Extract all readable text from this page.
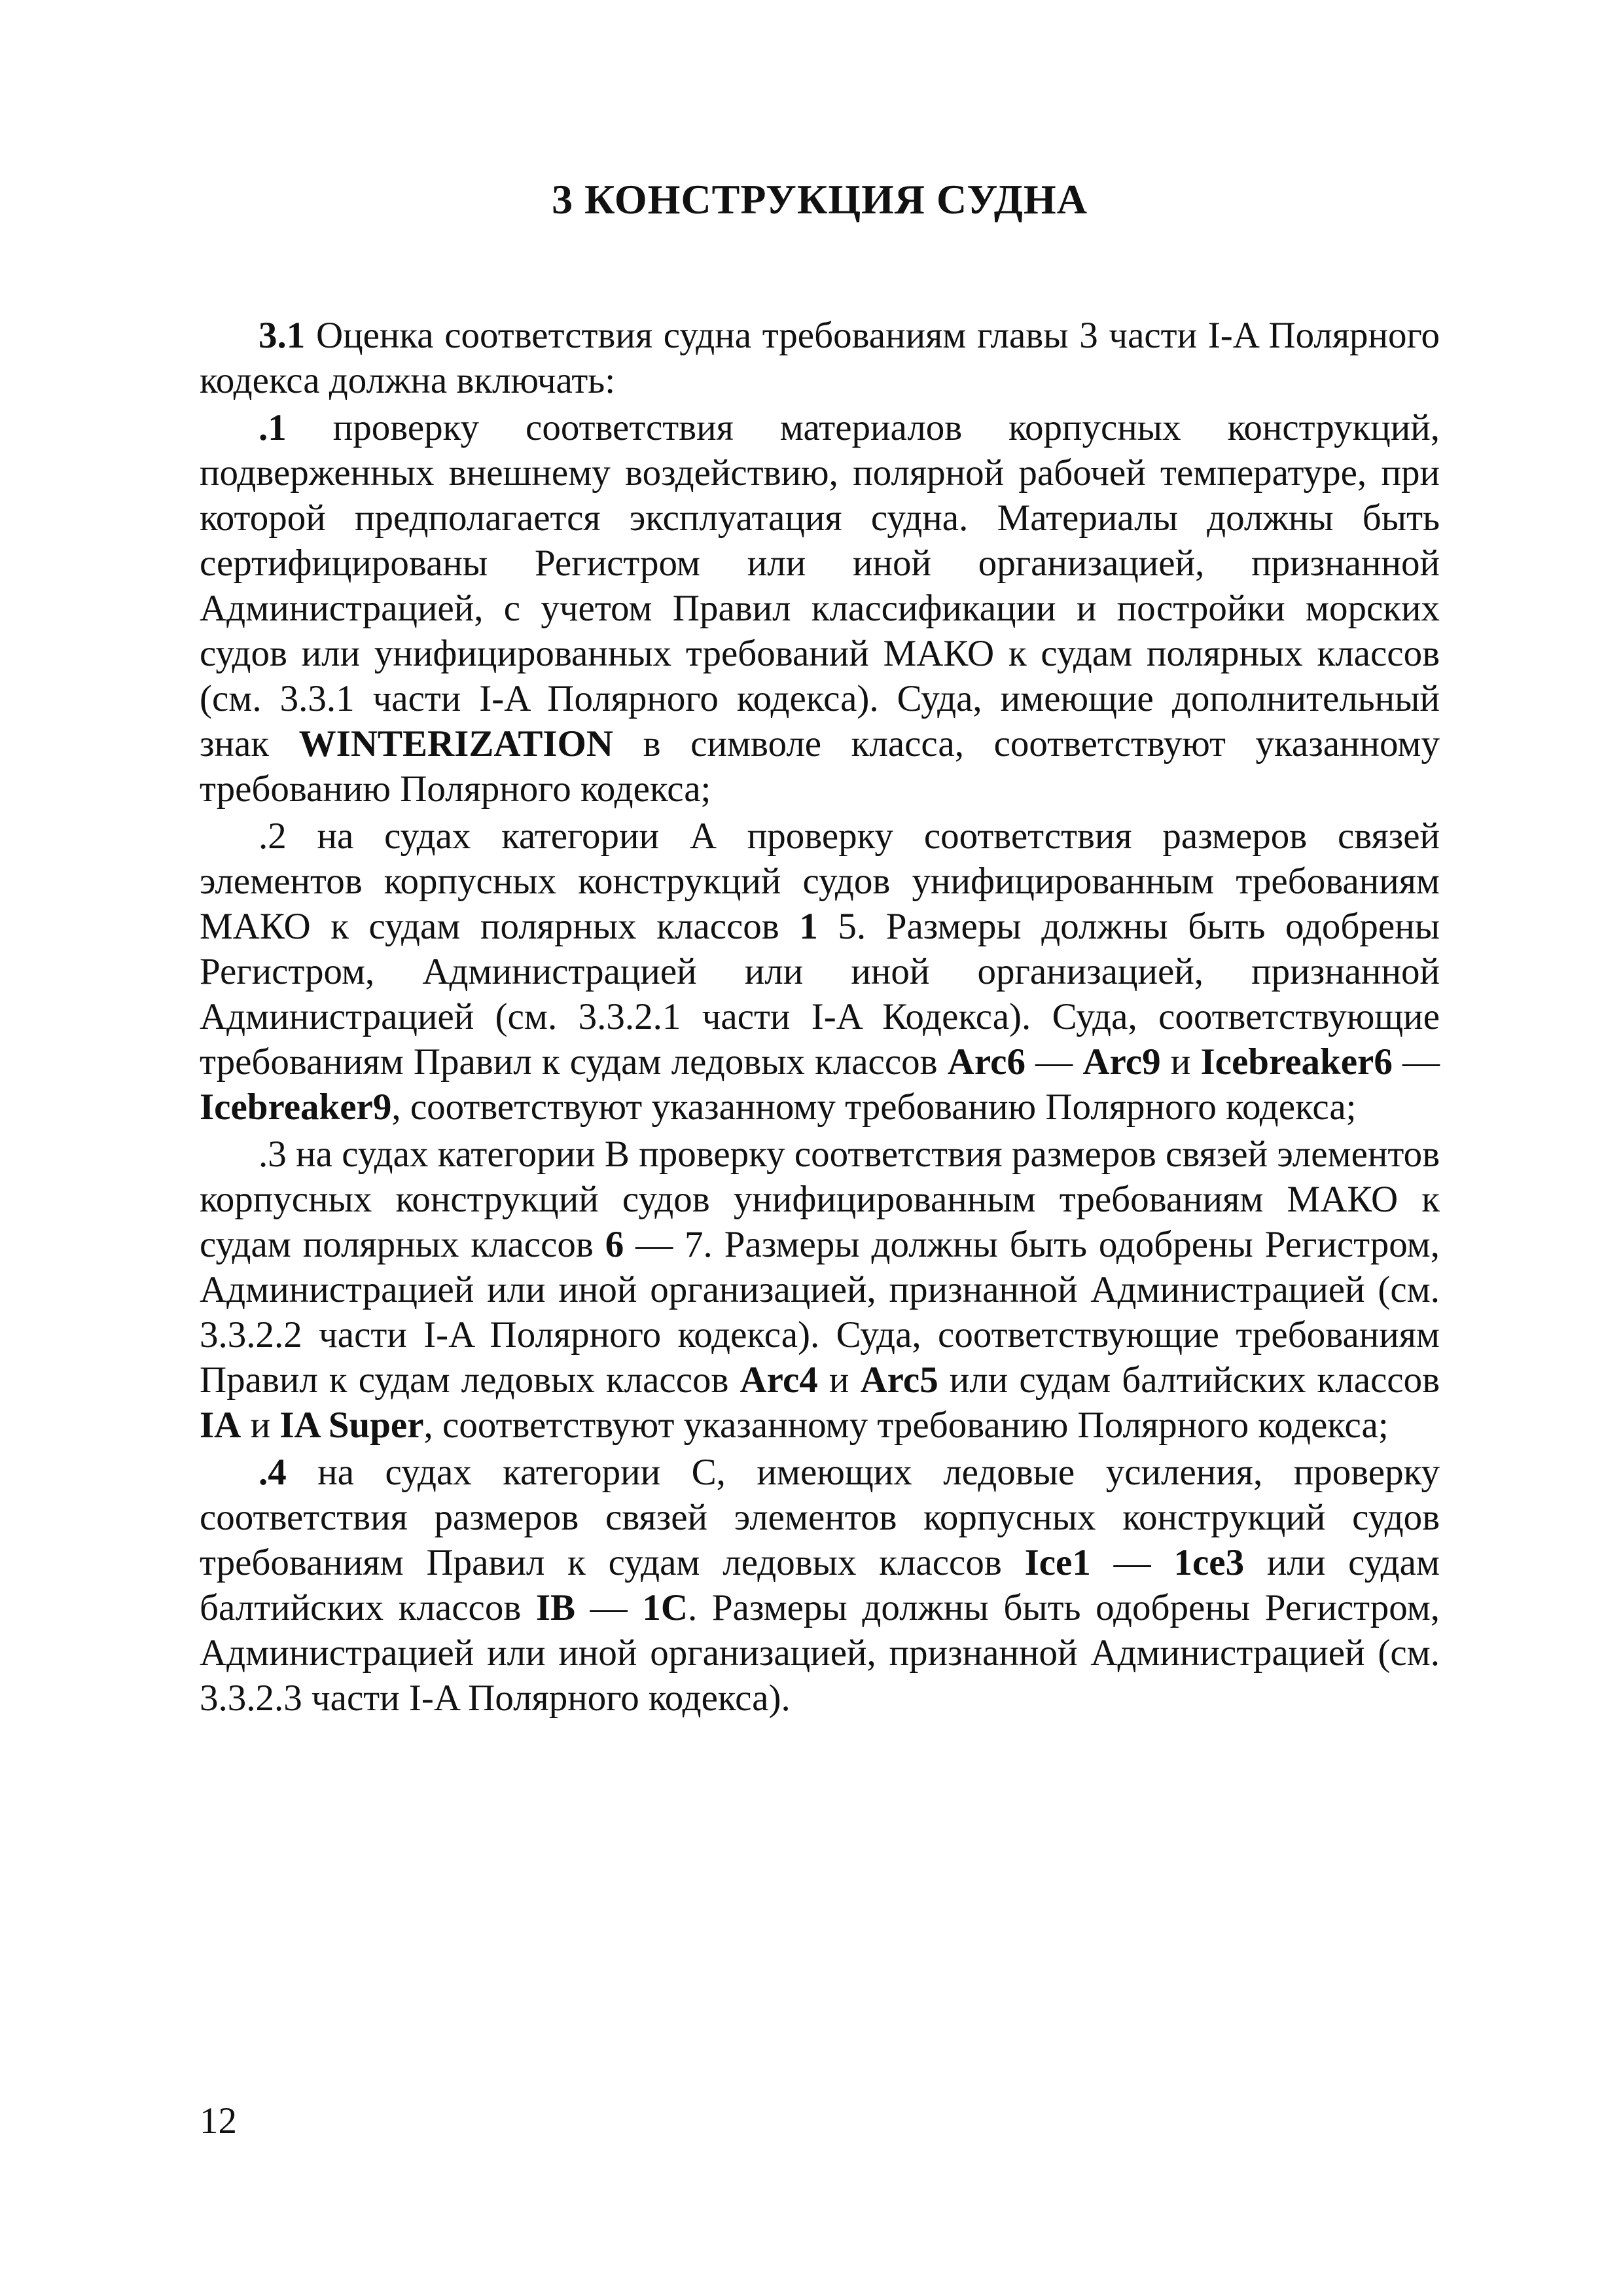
3 КОНСТРУКЦИЯ СУДНА

3.1 Оценка соответствия судна требованиям главы 3 части I-A Полярного кодекса должна включать:

.1 проверку соответствия материалов корпусных конструкций, подверженных внешнему воздействию, полярной рабочей температуре, при которой предполагается эксплуатация судна. Материалы должны быть сертифицированы Регистром или иной организацией, признанной Администрацией, с учетом Правил классификации и постройки морских судов или унифицированных требований МАКО к судам полярных классов (см. 3.3.1 части I-A Полярного кодекса). Суда, имеющие дополнительный знак WINTERIZATION в символе класса, соответствуют указанному требованию Полярного кодекса;

.2 на судах категории А проверку соответствия размеров связей элементов корпусных конструкций судов унифицированным требованиям МАКО к судам полярных классов 1 5. Размеры должны быть одобрены Регистром, Администрацией или иной организацией, признанной Администрацией (см. 3.3.2.1 части I-A Кодекса). Суда, соответствующие требованиям Правил к судам ледовых классов Arc6 — Arc9 и Icebreaker6 — Icebreaker9, соответствуют указанному требованию Полярного кодекса;

.3 на судах категории В проверку соответствия размеров связей элементов корпусных конструкций судов унифицированным требованиям МАКО к судам полярных классов 6 — 7. Размеры должны быть одобрены Регистром, Администрацией или иной организацией, признанной Администрацией (см. 3.3.2.2 части I-A Полярного кодекса). Суда, соответствующие требованиям Правил к судам ледовых классов Arc4 и Arc5 или судам балтийских классов IA и IA Super, соответствуют указанному требованию Полярного кодекса;

.4 на судах категории С, имеющих ледовые усиления, проверку соответствия размеров связей элементов корпусных конструкций судов требованиям Правил к судам ледовых классов Ice1 — 1ce3 или судам балтийских классов IB — 1C. Размеры должны быть одобрены Регистром, Администрацией или иной организацией, признанной Администрацией (см. 3.3.2.3 части I-A Полярного кодекса).

12
